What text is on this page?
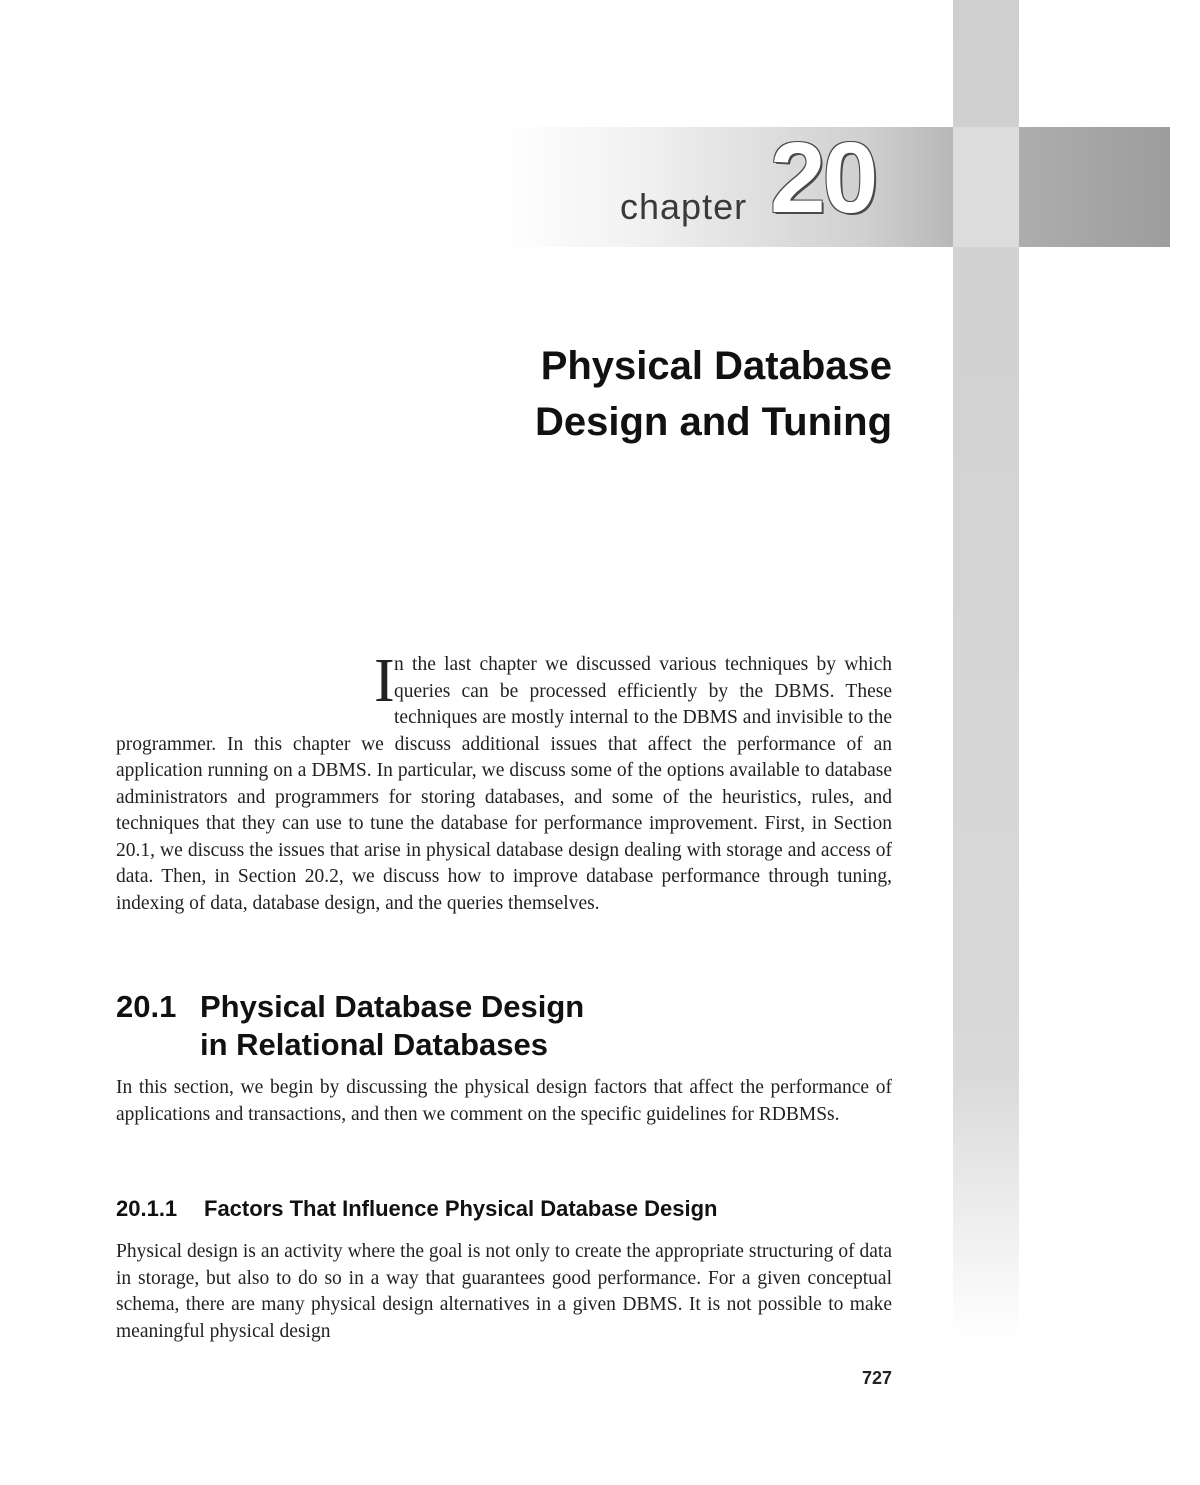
chapter 20
Physical Database
Design and Tuning
In the last chapter we discussed various techniques by which queries can be processed efficiently by the DBMS. These techniques are mostly internal to the DBMS and invisible to the programmer. In this chapter we discuss additional issues that affect the performance of an application running on a DBMS. In particular, we discuss some of the options available to database administrators and programmers for storing databases, and some of the heuristics, rules, and techniques that they can use to tune the database for performance improvement. First, in Section 20.1, we discuss the issues that arise in physical database design dealing with storage and access of data. Then, in Section 20.2, we discuss how to improve database performance through tuning, indexing of data, database design, and the queries themselves.
20.1 Physical Database Design
in Relational Databases
In this section, we begin by discussing the physical design factors that affect the performance of applications and transactions, and then we comment on the specific guidelines for RDBMSs.
20.1.1 Factors That Influence Physical Database Design
Physical design is an activity where the goal is not only to create the appropriate structuring of data in storage, but also to do so in a way that guarantees good performance. For a given conceptual schema, there are many physical design alternatives in a given DBMS. It is not possible to make meaningful physical design
727
